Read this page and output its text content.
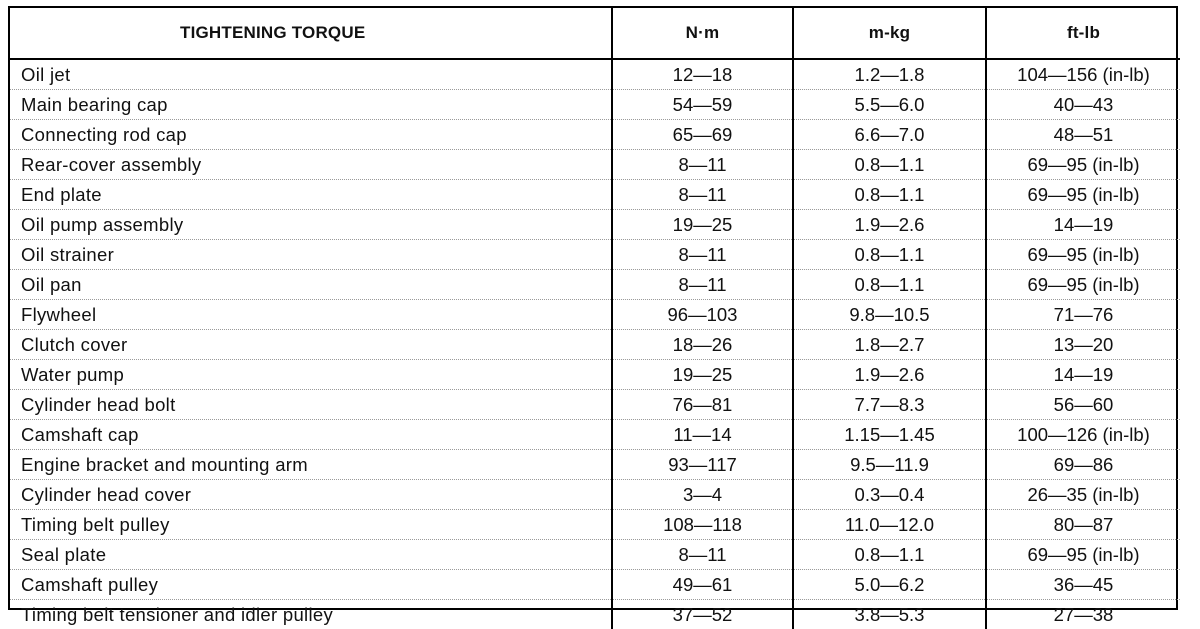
TIGHTENING TORQUE	N·m	m-kg	ft-lb
Oil jet	12—18	1.2—1.8	104—156 (in-lb)
Main bearing cap	54—59	5.5—6.0	40—43
Connecting rod cap	65—69	6.6—7.0	48—51
Rear-cover assembly	8—11	0.8—1.1	69—95 (in-lb)
End plate	8—11	0.8—1.1	69—95 (in-lb)
Oil pump assembly	19—25	1.9—2.6	14—19
Oil strainer	8—11	0.8—1.1	69—95 (in-lb)
Oil pan	8—11	0.8—1.1	69—95 (in-lb)
Flywheel	96—103	9.8—10.5	71—76
Clutch cover	18—26	1.8—2.7	13—20
Water pump	19—25	1.9—2.6	14—19
Cylinder head bolt	76—81	7.7—8.3	56—60
Camshaft cap	11—14	1.15—1.45	100—126 (in-lb)
Engine bracket and mounting arm	93—117	9.5—11.9	69—86
Cylinder head cover	3—4	0.3—0.4	26—35 (in-lb)
Timing belt pulley	108—118	11.0—12.0	80—87
Seal plate	8—11	0.8—1.1	69—95 (in-lb)
Camshaft pulley	49—61	5.0—6.2	36—45
Timing belt tensioner and idler pulley	37—52	3.8—5.3	27—38
